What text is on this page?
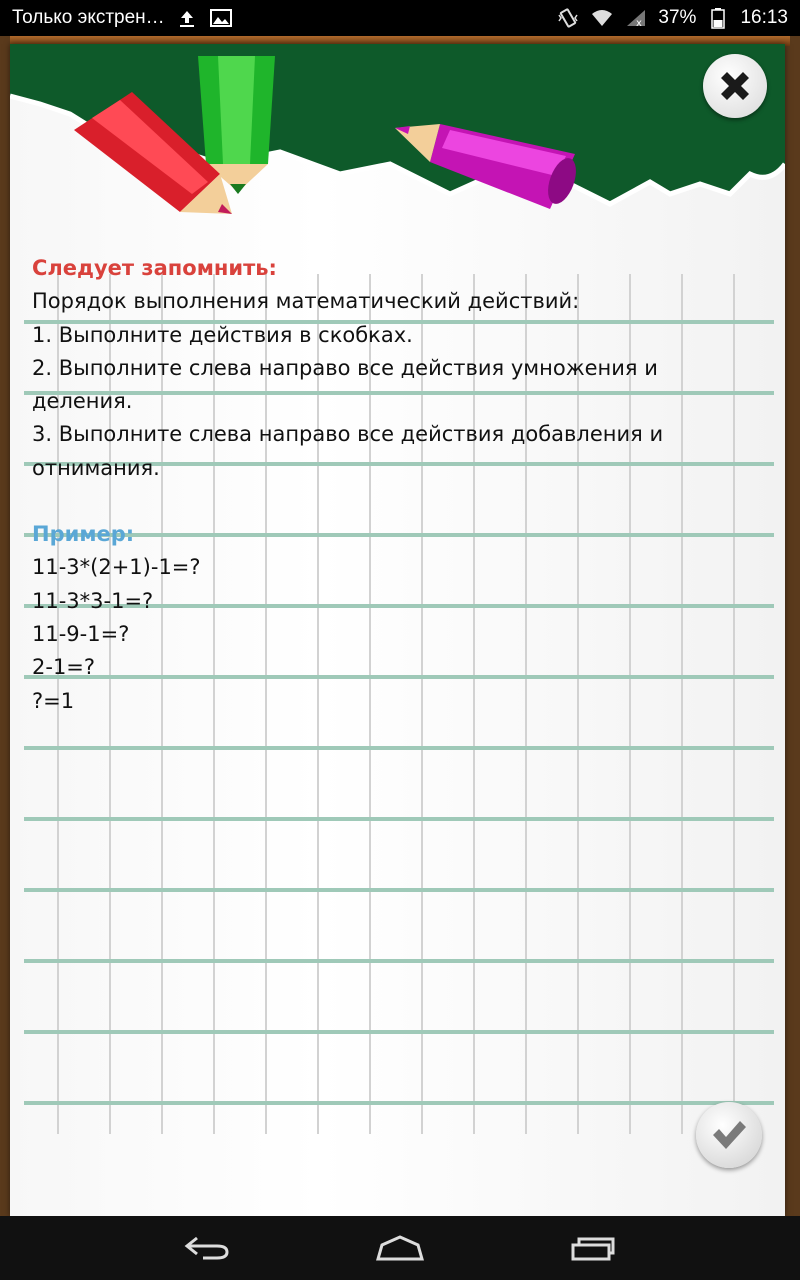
Только экстрен…	x 37% 16:13
Следует запомнить:
Порядок выполнения математический действий:
1. Выполните действия в скобках.
2. Выполните слева направо все действия умножения и
деления.
3. Выполните слева направо все действия добавления и
отнимания.
Пример:
11-3*(2+1)-1=?
11-3*3-1=?
11-9-1=?
2-1=?
?=1
